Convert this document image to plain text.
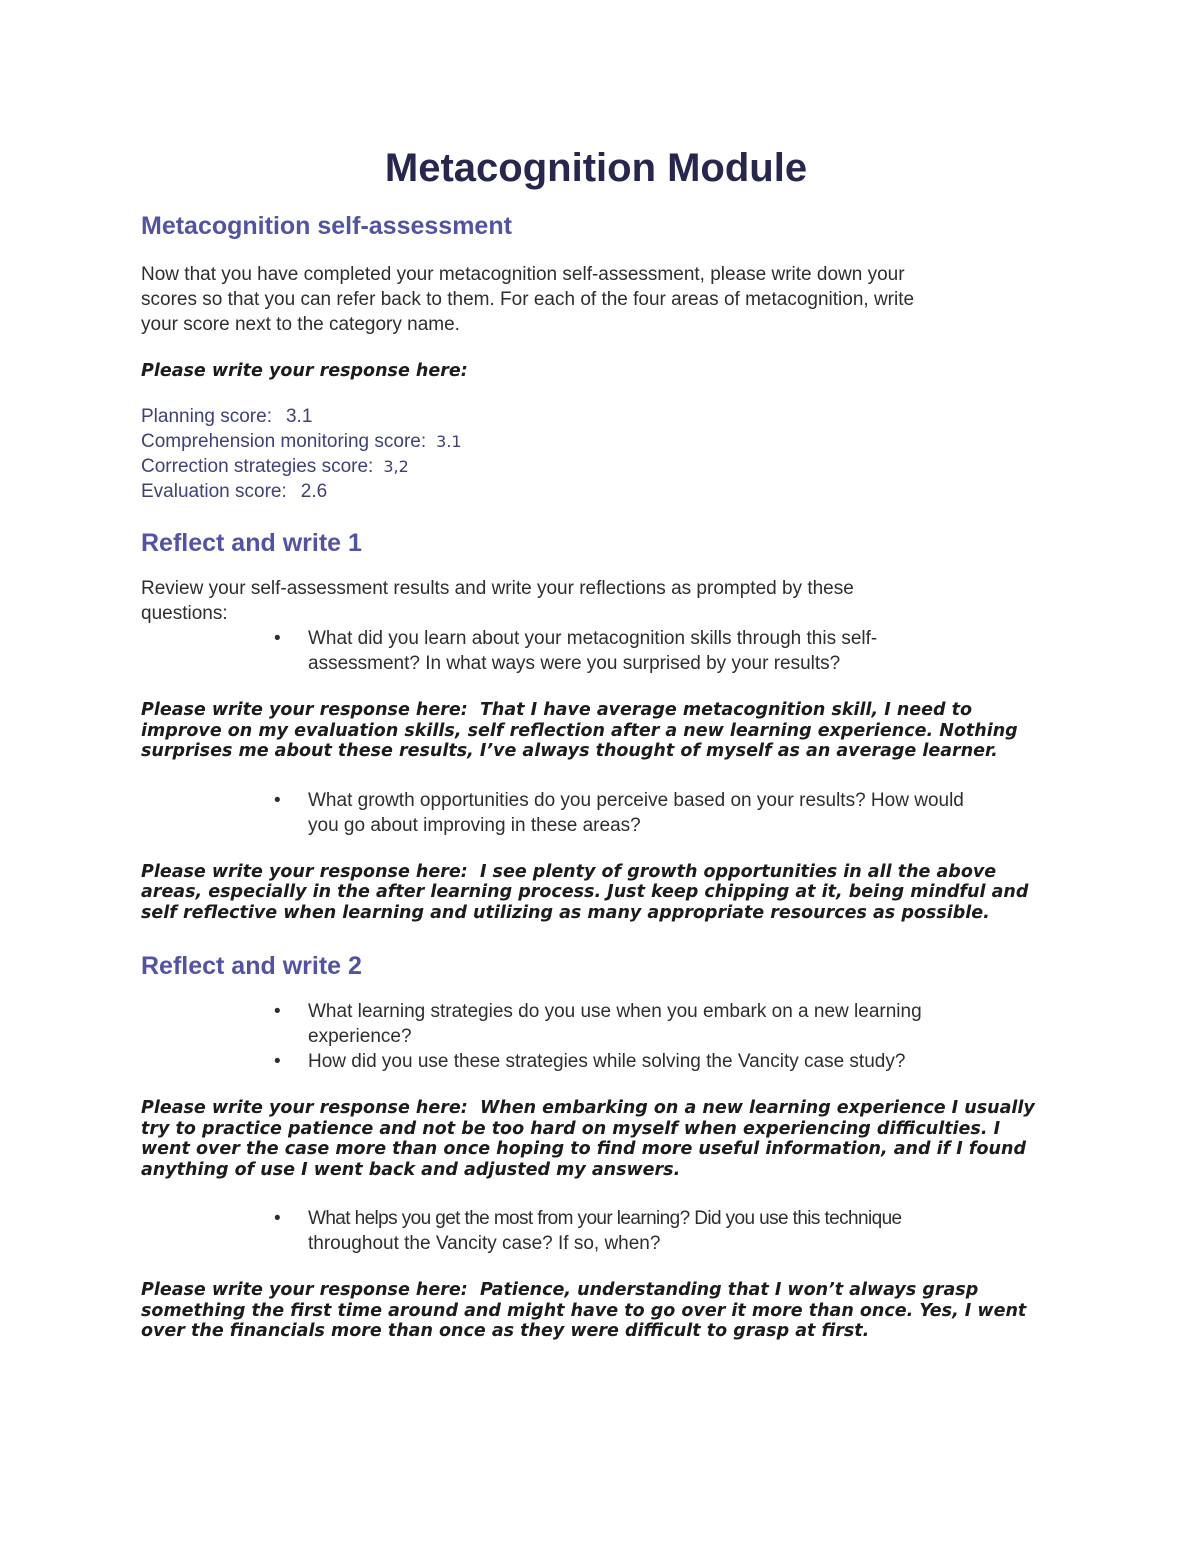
Metacognition Module
Metacognition self-assessment

Now that you have completed your metacognition self-assessment, please write down your
scores so that you can refer back to them. For each of the four areas of metacognition, write
your score next to the category name.

Please write your response here:

Planning score: 3.1
Comprehension monitoring score: 3.1
Correction strategies score: 3,2
Evaluation score: 2.6
Reflect and write 1

Review your self-assessment results and write your reflections as prompted by these
questions:

• What did you learn about your metacognition skills through this self-
assessment? In what ways were you surprised by your results?

Please write your response here: That I have average metacognition skill, I need to
improve on my evaluation skills, self reflection after a new learning experience. Nothing
surprises me about these results, I’ve always thought of myself as an average learner.

• What growth opportunities do you perceive based on your results? How would
you go about improving in these areas?

Please write your response here: I see plenty of growth opportunities in all the above
areas, especially in the after learning process. Just keep chipping at it, being mindful and
self reflective when learning and utilizing as many appropriate resources as possible.

Reflect and write 2
• What learning strategies do you use when you embark on a new learning
experience?
• How did you use these strategies while solving the Vancity case study?

Please write your response here: When embarking on a new learning experience I usually
try to practice patience and not be too hard on myself when experiencing difficulties. I
went over the case more than once hoping to find more useful information, and if I found
anything of use I went back and adjusted my answers.

• What helps you get the most from your learning? Did you use this technique
throughout the Vancity case? If so, when?

Please write your response here: Patience, understanding that I won’t always grasp
something the first time around and might have to go over it more than once. Yes, I went
over the financials more than once as they were difficult to grasp at first.
